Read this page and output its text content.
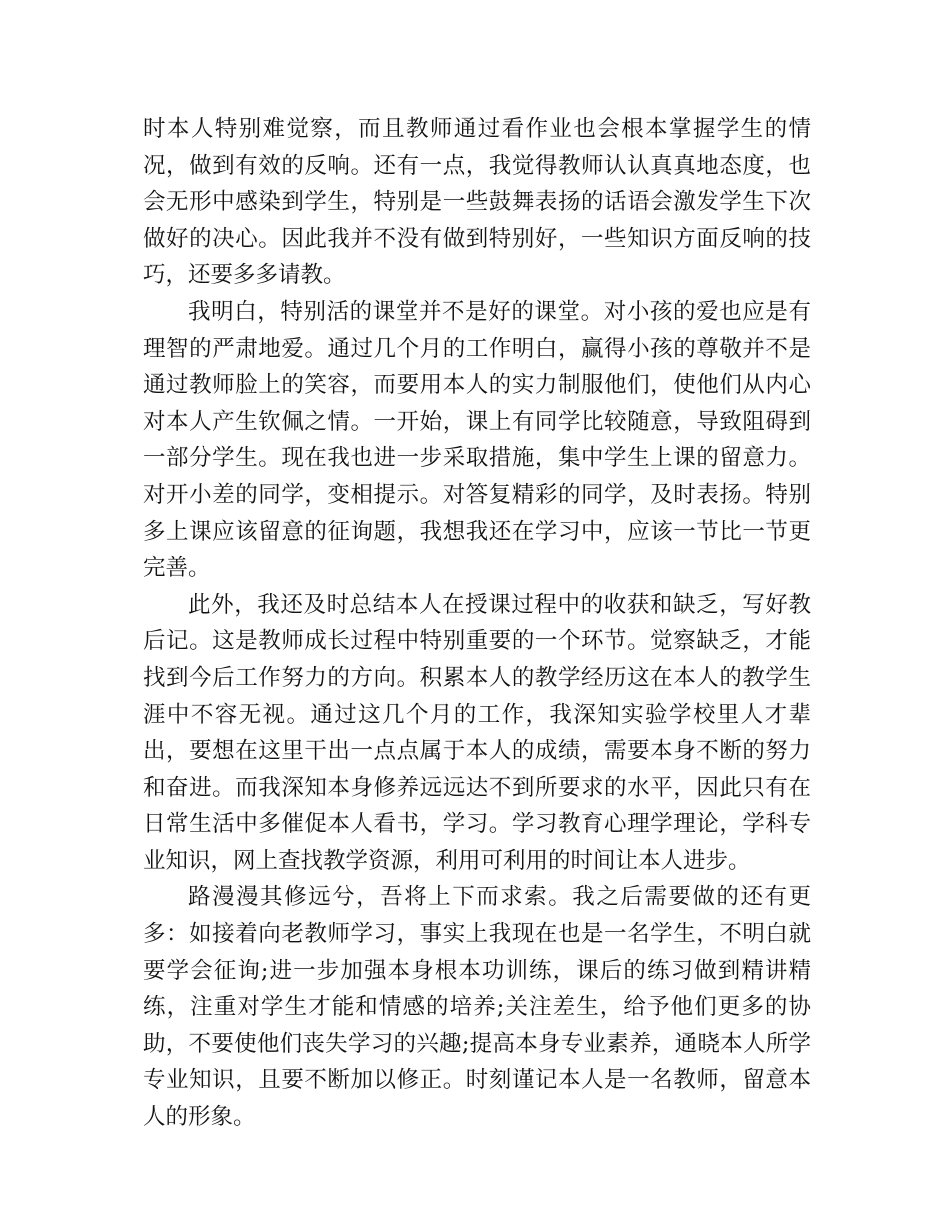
时本人特别难觉察，而且教师通过看作业也会根本掌握学生的情况，做到有效的反响。还有一点，我觉得教师认认真真地态度，也会无形中感染到学生，特别是一些鼓舞表扬的话语会激发学生下次做好的决心。因此我并不没有做到特别好，一些知识方面反响的技巧，还要多多请教。

我明白，特别活的课堂并不是好的课堂。对小孩的爱也应是有理智的严肃地爱。通过几个月的工作明白，赢得小孩的尊敬并不是通过教师脸上的笑容，而要用本人的实力制服他们，使他们从内心对本人产生钦佩之情。一开始，课上有同学比较随意，导致阻碍到一部分学生。现在我也进一步采取措施，集中学生上课的留意力。对开小差的同学，变相提示。对答复精彩的同学，及时表扬。特别多上课应该留意的征询题，我想我还在学习中，应该一节比一节更完善。

此外，我还及时总结本人在授课过程中的收获和缺乏，写好教后记。这是教师成长过程中特别重要的一个环节。觉察缺乏，才能找到今后工作努力的方向。积累本人的教学经历这在本人的教学生涯中不容无视。通过这几个月的工作，我深知实验学校里人才辈出，要想在这里干出一点点属于本人的成绩，需要本身不断的努力和奋进。而我深知本身修养远远达不到所要求的水平，因此只有在日常生活中多催促本人看书，学习。学习教育心理学理论，学科专业知识，网上查找教学资源，利用可利用的时间让本人进步。

路漫漫其修远兮，吾将上下而求索。我之后需要做的还有更多：如接着向老教师学习，事实上我现在也是一名学生，不明白就要学会征询;进一步加强本身根本功训练，课后的练习做到精讲精练，注重对学生才能和情感的培养;关注差生，给予他们更多的协助，不要使他们丧失学习的兴趣;提高本身专业素养，通晓本人所学专业知识，且要不断加以修正。时刻谨记本人是一名教师，留意本人的形象。
